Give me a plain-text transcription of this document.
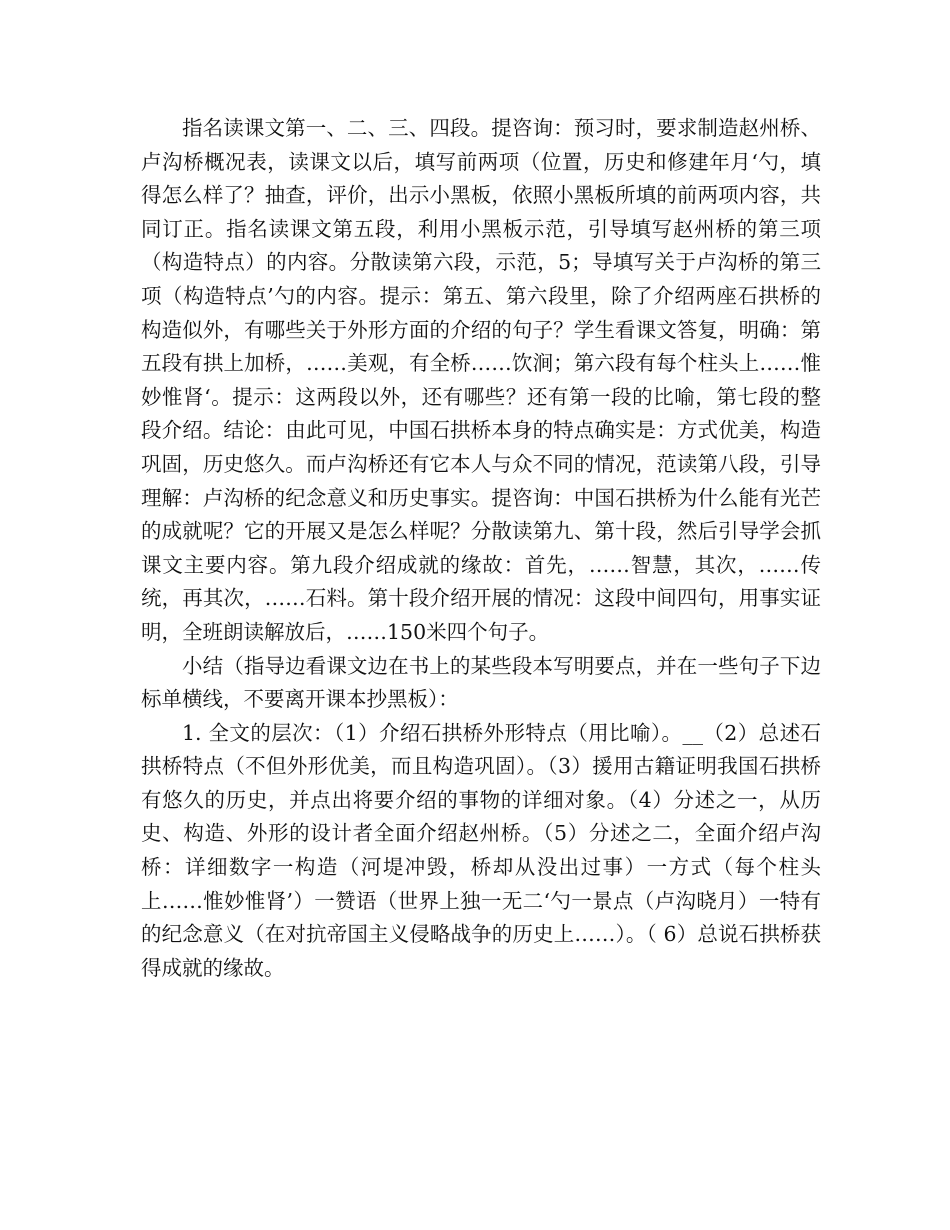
指名读课文第一、二、三、四段。提咨询：预习时，要求制造赵州桥、卢沟桥概况表，读课文以后，填写前两项（位置，历史和修建年月‘勺，填得怎么样了？抽查，评价，出示小黑板，依照小黑板所填的前两项内容，共同订正。指名读课文第五段，利用小黑板示范，引导填写赵州桥的第三项（构造特点）的内容。分散读第六段，示范，5；导填写关于卢沟桥的第三项（构造特点’勺的内容。提示：第五、第六段里，除了介绍两座石拱桥的构造似外，有哪些关于外形方面的介绍的句子？学生看课文答复，明确：第五段有拱上加桥，……美观，有全桥……饮涧；第六段有每个柱头上……惟妙惟肾‘。提示：这两段以外，还有哪些？还有第一段的比喻，第七段的整段介绍。结论：由此可见，中国石拱桥本身的特点确实是：方式优美，构造巩固，历史悠久。而卢沟桥还有它本人与众不同的情况，范读第八段，引导理解：卢沟桥的纪念意义和历史事实。提咨询：中国石拱桥为什么能有光芒的成就呢？它的开展又是怎么样呢？分散读第九、第十段，然后引导学会抓课文主要内容。第九段介绍成就的缘故：首先，……智慧，其次，……传统，再其次，……石料。第十段介绍开展的情况：这段中间四句，用事实证明，全班朗读解放后，……150米四个句子。

小结（指导边看课文边在书上的某些段本写明要点，并在一些句子下边标单横线，不要离开课本抄黑板）：

1. 全文的层次：（1）介绍石拱桥外形特点（用比喻）。__（2）总述石拱桥特点（不但外形优美，而且构造巩固）。（3）援用古籍证明我国石拱桥有悠久的历史，并点出将要介绍的事物的详细对象。（4）分述之一，从历史、构造、外形的设计者全面介绍赵州桥。（5）分述之二，全面介绍卢沟桥：详细数字一构造（河堤冲毁，桥却从没出过事）一方式（每个柱头上……惟妙惟肾’）一赞语（世界上独一无二‘勺一景点（卢沟晓月）一特有的纪念意义（在对抗帝国主义侵略战争的历史上……）。（ 6）总说石拱桥获得成就的缘故。
